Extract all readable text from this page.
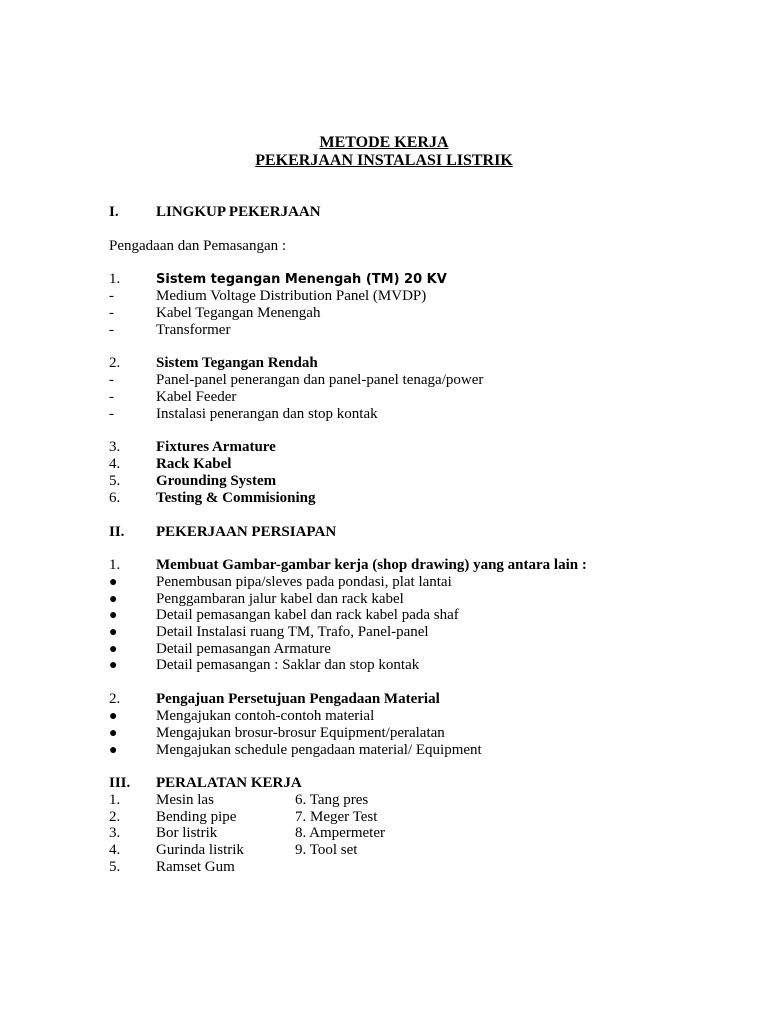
METODE KERJA
PEKERJAAN INSTALASI LISTRIK
I. LINGKUP PEKERJAAN
Pengadaan dan Pemasangan :
1.	Sistem tegangan Menengah (TM) 20 KV
-	Medium Voltage Distribution Panel (MVDP)
-	Kabel Tegangan Menengah
-	Transformer
2. Sistem Tegangan Rendah
-	Panel-panel penerangan dan panel-panel tenaga/power
-	Kabel Feeder
-	Instalasi penerangan dan stop kontak
3. Fixtures Armature
4. Rack Kabel
5. Grounding System
6. Testing & Commisioning
II. PEKERJAAN PERSIAPAN
1. Membuat Gambar-gambar kerja (shop drawing) yang antara lain :
●	Penembusan pipa/sleves pada pondasi, plat lantai
●	Penggambaran jalur kabel dan rack kabel
●	Detail pemasangan kabel dan rack kabel pada shaf
●	Detail Instalasi ruang TM, Trafo, Panel-panel
●	Detail pemasangan Armature
●	Detail pemasangan : Saklar dan stop kontak
2. Pengajuan Persetujuan Pengadaan Material
●	Mengajukan contoh-contoh material
●	Mengajukan brosur-brosur Equipment/peralatan
●	Mengajukan schedule pengadaan material/ Equipment
III. PERALATAN KERJA
1. Mesin las	6. Tang pres
2. Bending pipe	7. Meger Test
3. Bor listrik	8. Ampermeter
4. Gurinda listrik	9. Tool set
5. Ramset Gum
